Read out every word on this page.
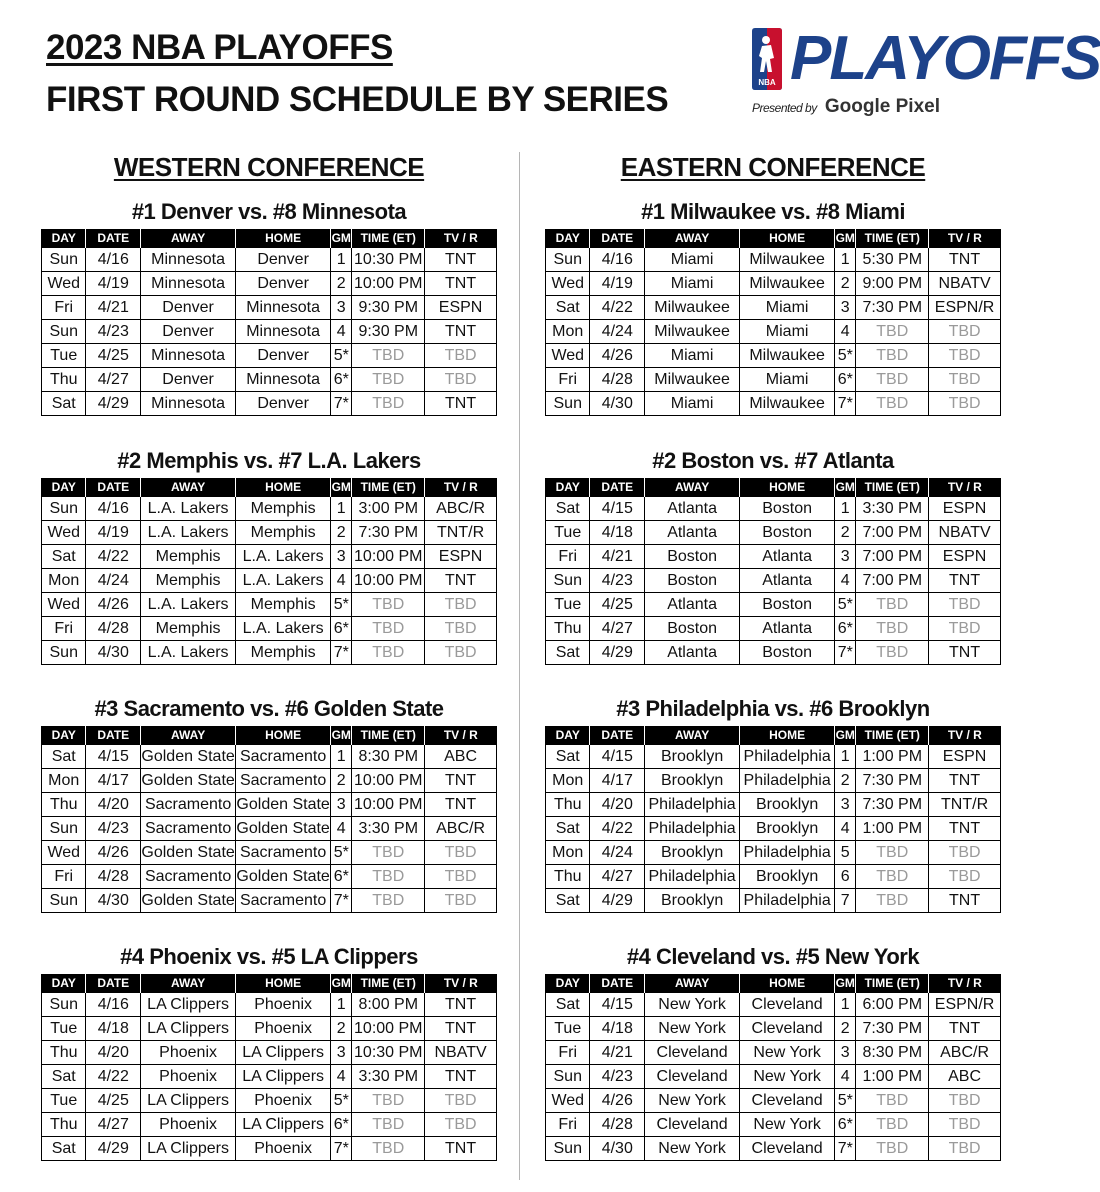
2023 NBA PLAYOFFS
FIRST ROUND SCHEDULE BY SERIES	NBA PLAYOFFS
Presented by Google Pixel
WESTERN CONFERENCE
#1 Denver vs. #8 Minnesota
DAY	DATE	AWAY	HOME	GM	TIME (ET)	TV / R
Sun	4/16	Minnesota	Denver	1	10:30 PM	TNT
Wed	4/19	Minnesota	Denver	2	10:00 PM	TNT
Fri	4/21	Denver	Minnesota	3	9:30 PM	ESPN
Sun	4/23	Denver	Minnesota	4	9:30 PM	TNT
Tue	4/25	Minnesota	Denver	5*	TBD	TBD
Thu	4/27	Denver	Minnesota	6*	TBD	TBD
Sat	4/29	Minnesota	Denver	7*	TBD	TNT
#2 Memphis vs. #7 L.A. Lakers
DAY	DATE	AWAY	HOME	GM	TIME (ET)	TV / R
Sun	4/16	L.A. Lakers	Memphis	1	3:00 PM	ABC/R
Wed	4/19	L.A. Lakers	Memphis	2	7:30 PM	TNT/R
Sat	4/22	Memphis	L.A. Lakers	3	10:00 PM	ESPN
Mon	4/24	Memphis	L.A. Lakers	4	10:00 PM	TNT
Wed	4/26	L.A. Lakers	Memphis	5*	TBD	TBD
Fri	4/28	Memphis	L.A. Lakers	6*	TBD	TBD
Sun	4/30	L.A. Lakers	Memphis	7*	TBD	TBD
#3 Sacramento vs. #6 Golden State
DAY	DATE	AWAY	HOME	GM	TIME (ET)	TV / R
Sat	4/15	Golden State	Sacramento	1	8:30 PM	ABC
Mon	4/17	Golden State	Sacramento	2	10:00 PM	TNT
Thu	4/20	Sacramento	Golden State	3	10:00 PM	TNT
Sun	4/23	Sacramento	Golden State	4	3:30 PM	ABC/R
Wed	4/26	Golden State	Sacramento	5*	TBD	TBD
Fri	4/28	Sacramento	Golden State	6*	TBD	TBD
Sun	4/30	Golden State	Sacramento	7*	TBD	TBD
#4 Phoenix vs. #5 LA Clippers
DAY	DATE	AWAY	HOME	GM	TIME (ET)	TV / R
Sun	4/16	LA Clippers	Phoenix	1	8:00 PM	TNT
Tue	4/18	LA Clippers	Phoenix	2	10:00 PM	TNT
Thu	4/20	Phoenix	LA Clippers	3	10:30 PM	NBATV
Sat	4/22	Phoenix	LA Clippers	4	3:30 PM	TNT
Tue	4/25	LA Clippers	Phoenix	5*	TBD	TBD
Thu	4/27	Phoenix	LA Clippers	6*	TBD	TBD
Sat	4/29	LA Clippers	Phoenix	7*	TBD	TNT
EASTERN CONFERENCE
#1 Milwaukee vs. #8 Miami
DAY	DATE	AWAY	HOME	GM	TIME (ET)	TV / R
Sun	4/16	Miami	Milwaukee	1	5:30 PM	TNT
Wed	4/19	Miami	Milwaukee	2	9:00 PM	NBATV
Sat	4/22	Milwaukee	Miami	3	7:30 PM	ESPN/R
Mon	4/24	Milwaukee	Miami	4	TBD	TBD
Wed	4/26	Miami	Milwaukee	5*	TBD	TBD
Fri	4/28	Milwaukee	Miami	6*	TBD	TBD
Sun	4/30	Miami	Milwaukee	7*	TBD	TBD
#2 Boston vs. #7 Atlanta
DAY	DATE	AWAY	HOME	GM	TIME (ET)	TV / R
Sat	4/15	Atlanta	Boston	1	3:30 PM	ESPN
Tue	4/18	Atlanta	Boston	2	7:00 PM	NBATV
Fri	4/21	Boston	Atlanta	3	7:00 PM	ESPN
Sun	4/23	Boston	Atlanta	4	7:00 PM	TNT
Tue	4/25	Atlanta	Boston	5*	TBD	TBD
Thu	4/27	Boston	Atlanta	6*	TBD	TBD
Sat	4/29	Atlanta	Boston	7*	TBD	TNT
#3 Philadelphia vs. #6 Brooklyn
DAY	DATE	AWAY	HOME	GM	TIME (ET)	TV / R
Sat	4/15	Brooklyn	Philadelphia	1	1:00 PM	ESPN
Mon	4/17	Brooklyn	Philadelphia	2	7:30 PM	TNT
Thu	4/20	Philadelphia	Brooklyn	3	7:30 PM	TNT/R
Sat	4/22	Philadelphia	Brooklyn	4	1:00 PM	TNT
Mon	4/24	Brooklyn	Philadelphia	5	TBD	TBD
Thu	4/27	Philadelphia	Brooklyn	6	TBD	TBD
Sat	4/29	Brooklyn	Philadelphia	7	TBD	TNT
#4 Cleveland vs. #5 New York
DAY	DATE	AWAY	HOME	GM	TIME (ET)	TV / R
Sat	4/15	New York	Cleveland	1	6:00 PM	ESPN/R
Tue	4/18	New York	Cleveland	2	7:30 PM	TNT
Fri	4/21	Cleveland	New York	3	8:30 PM	ABC/R
Sun	4/23	Cleveland	New York	4	1:00 PM	ABC
Wed	4/26	New York	Cleveland	5*	TBD	TBD
Fri	4/28	Cleveland	New York	6*	TBD	TBD
Sun	4/30	New York	Cleveland	7*	TBD	TBD
